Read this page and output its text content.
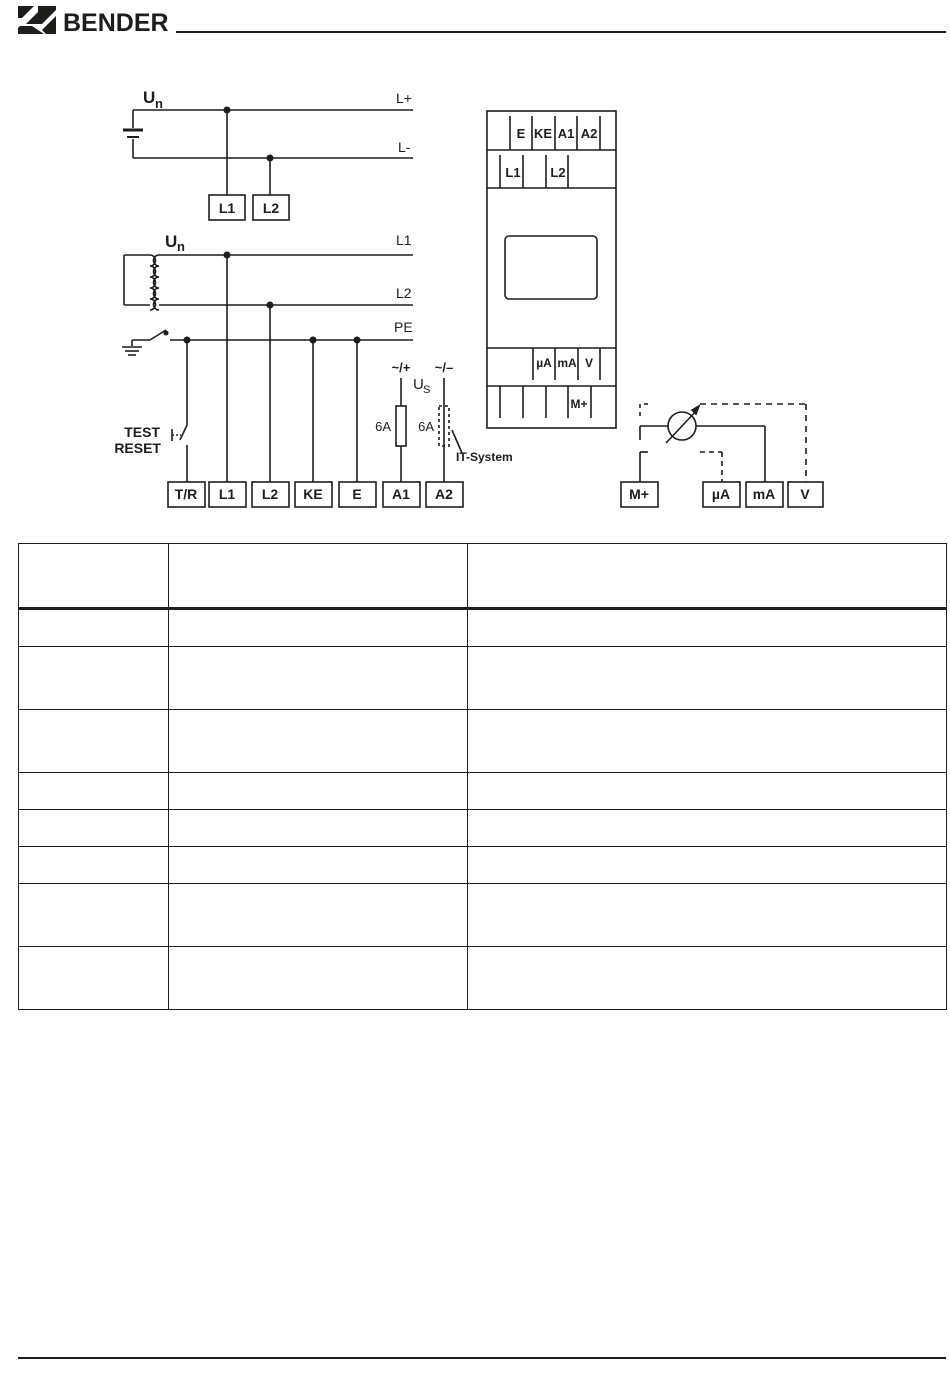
BENDER
U n	L+
L-
L1 L2
U n	L1
L2
PE
TEST
RESET
~/+ ~/–
U S
6A 6A
IT-System
T/R L1 L2 KE E A1 A2
E KE A1 A2
L1 L2
µA mA V
M+
M+	µA mA V
